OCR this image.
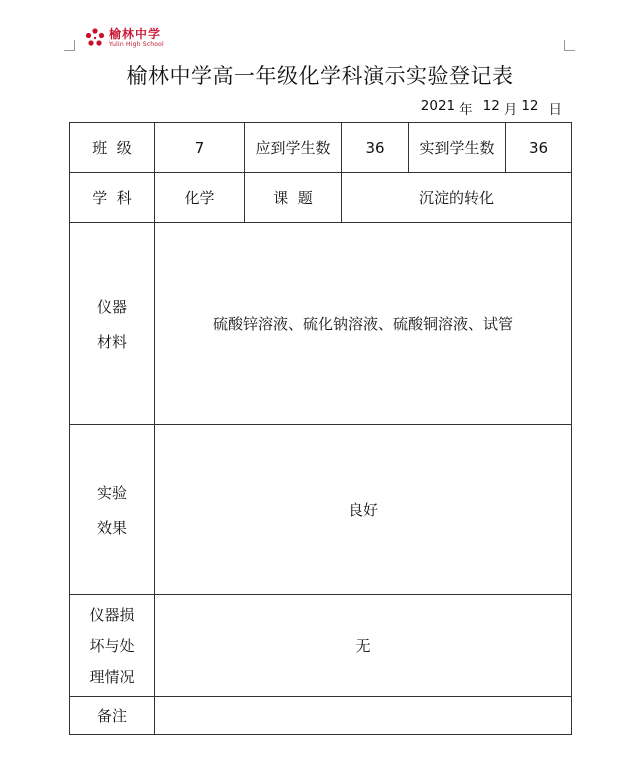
榆林中学
Yulin High School
榆林中学高一年级化学科演示实验登记表
2021 年 12 月 12 日
班  级	7	应到学生数	36	实到学生数	36
学  科	化学	课  题	沉淀的转化		

仪器
材料	硫酸锌溶液、硫化钠溶液、硫酸铜溶液、试管				

实验
效果	良好				

仪器损
坏与处
理情况	无				
备注					
